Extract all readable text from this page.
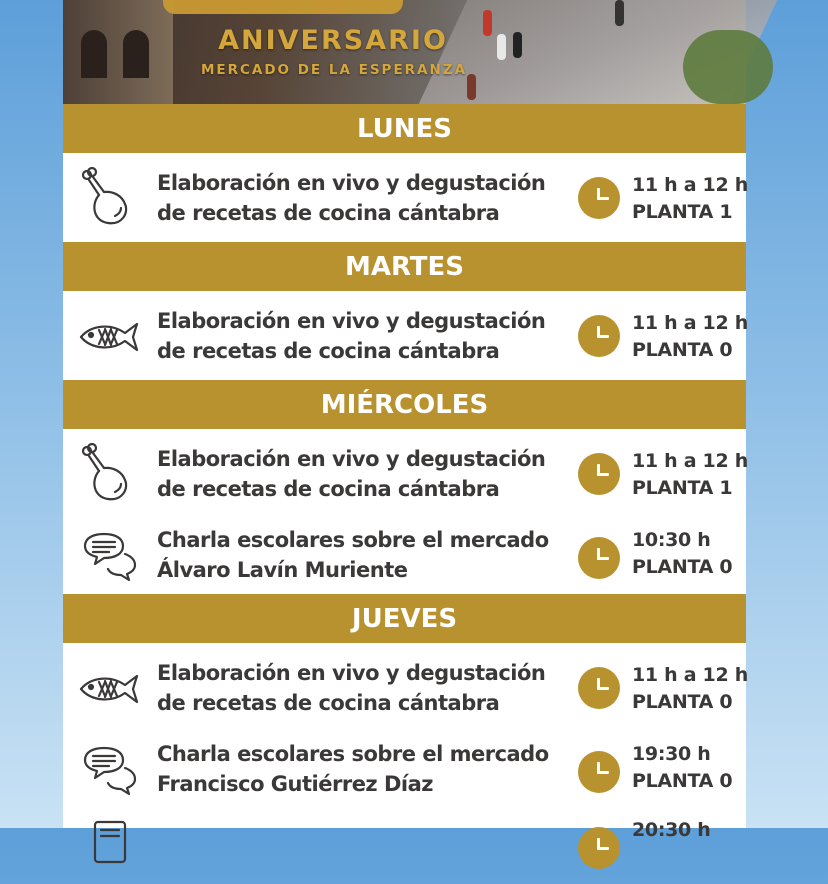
ANIVERSARIO
MERCADO DE LA ESPERANZA
LUNES
Elaboración en vivo y degustación
de recetas de cocina cántabra
11 h a 12 h
PLANTA 1
MARTES
Elaboración en vivo y degustación
de recetas de cocina cántabra
11 h a 12 h
PLANTA 0
MIÉRCOLES
Elaboración en vivo y degustación
de recetas de cocina cántabra
11 h a 12 h
PLANTA 1
Charla escolares sobre el mercado
Álvaro Lavín Muriente
10:30 h
PLANTA 0
JUEVES
Elaboración en vivo y degustación
de recetas de cocina cántabra
11 h a 12 h
PLANTA 0
Charla escolares sobre el mercado
Francisco Gutiérrez Díaz
19:30 h
PLANTA 0
20:30 h
